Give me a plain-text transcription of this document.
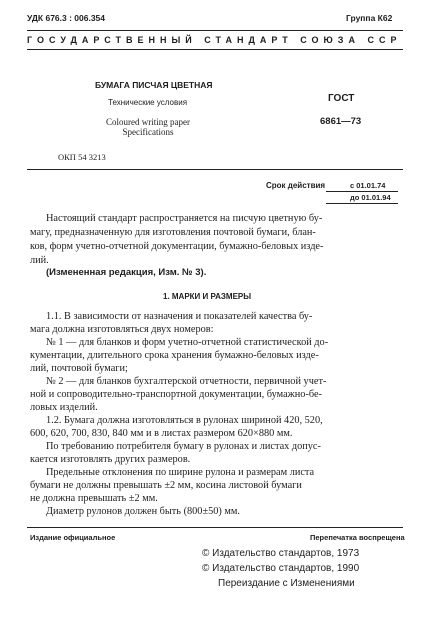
УДК 676.3 : 006.354	Группа К62
ГОСУДАРСТВЕННЫЙ СТАНДАРТ СОЮЗА ССР
БУМАГА ПИСЧАЯ ЦВЕТНАЯ
Технические условия
Coloured writing paper
Specifications
ГОСТ
6861—73
ОКП 54 3213
Срок действия	с 01.01.74
до 01.01.94
Настоящий стандарт распространяется на писчую цветную бу-
магу, предназначенную для изготовления почтовой бумаги, блан-
ков, форм учетно-отчетной документации, бумажно-беловых изде-
лий.
(Измененная редакция, Изм. № 3).
1. МАРКИ И РАЗМЕРЫ
1.1. В зависимости от назначения и показателей качества бу-
мага должна изготовляться двух номеров:
№ 1 — для бланков и форм учетно-отчетной статистической до-
кументации, длительного срока хранения бумажно-беловых изде-
лий, почтовой бумаги;
№ 2 — для бланков бухгалтерской отчетности, первичной учет-
ной и сопроводительно-транспортной документации, бумажно-бе-
ловых изделий.
1.2. Бумага должна изготовляться в рулонах шириной 420, 520,
600, 620, 700, 830, 840 мм и в листах размером 620×880 мм.
По требованию потребителя бумагу в рулонах и листах допус-
кается изготовлять других размеров.
Предельные отклонения по ширине рулона и размерам листа
бумаги не должны превышать ±2 мм, косина листовой бумаги
не должна превышать ±2 мм.
Диаметр рулонов должен быть (800±50) мм.
Издание официальное	Перепечатка воспрещена
© Издательство стандартов, 1973
© Издательство стандартов, 1990
Переиздание с Изменениями
